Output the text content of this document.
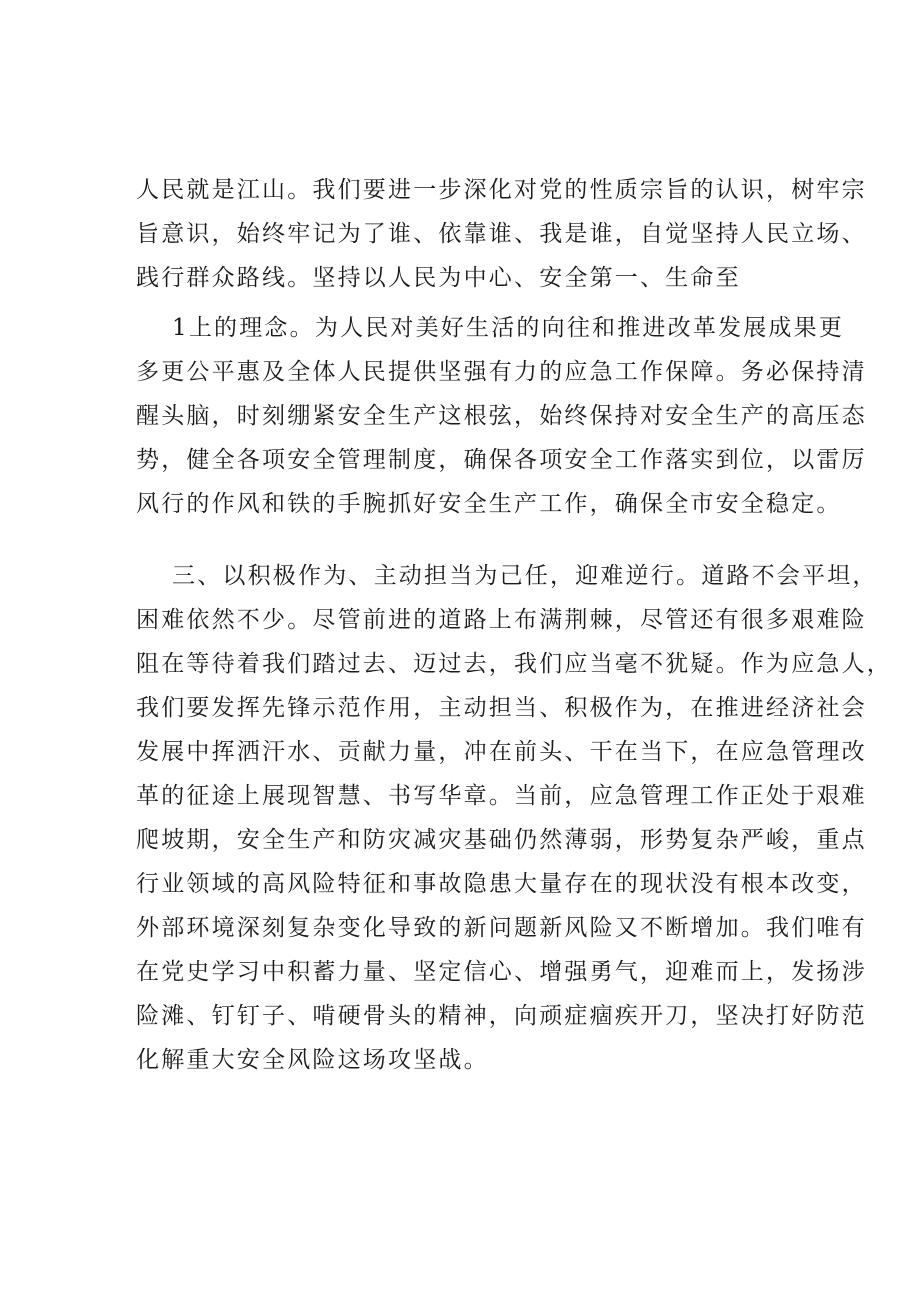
人民就是江山。我们要进一步深化对党的性质宗旨的认识，树牢宗
旨意识，始终牢记为了谁、依靠谁、我是谁，自觉坚持人民立场、
践行群众路线。坚持以人民为中心、安全第一、生命至
1上的理念。为人民对美好生活的向往和推进改革发展成果更
多更公平惠及全体人民提供坚强有力的应急工作保障。务必保持清
醒头脑，时刻绷紧安全生产这根弦，始终保持对安全生产的高压态
势，健全各项安全管理制度，确保各项安全工作落实到位，以雷厉
风行的作风和铁的手腕抓好安全生产工作，确保全市安全稳定。
三、以积极作为、主动担当为己任，迎难逆行。道路不会平坦，
困难依然不少。尽管前进的道路上布满荆棘，尽管还有很多艰难险
阻在等待着我们踏过去、迈过去，我们应当毫不犹疑。作为应急人，
我们要发挥先锋示范作用，主动担当、积极作为，在推进经济社会
发展中挥洒汗水、贡献力量，冲在前头、干在当下，在应急管理改
革的征途上展现智慧、书写华章。当前，应急管理工作正处于艰难
爬坡期，安全生产和防灾减灾基础仍然薄弱，形势复杂严峻，重点
行业领域的高风险特征和事故隐患大量存在的现状没有根本改变，
外部环境深刻复杂变化导致的新问题新风险又不断增加。我们唯有
在党史学习中积蓄力量、坚定信心、增强勇气，迎难而上，发扬涉
险滩、钉钉子、啃硬骨头的精神，向顽症痼疾开刀，坚决打好防范
化解重大安全风险这场攻坚战。
